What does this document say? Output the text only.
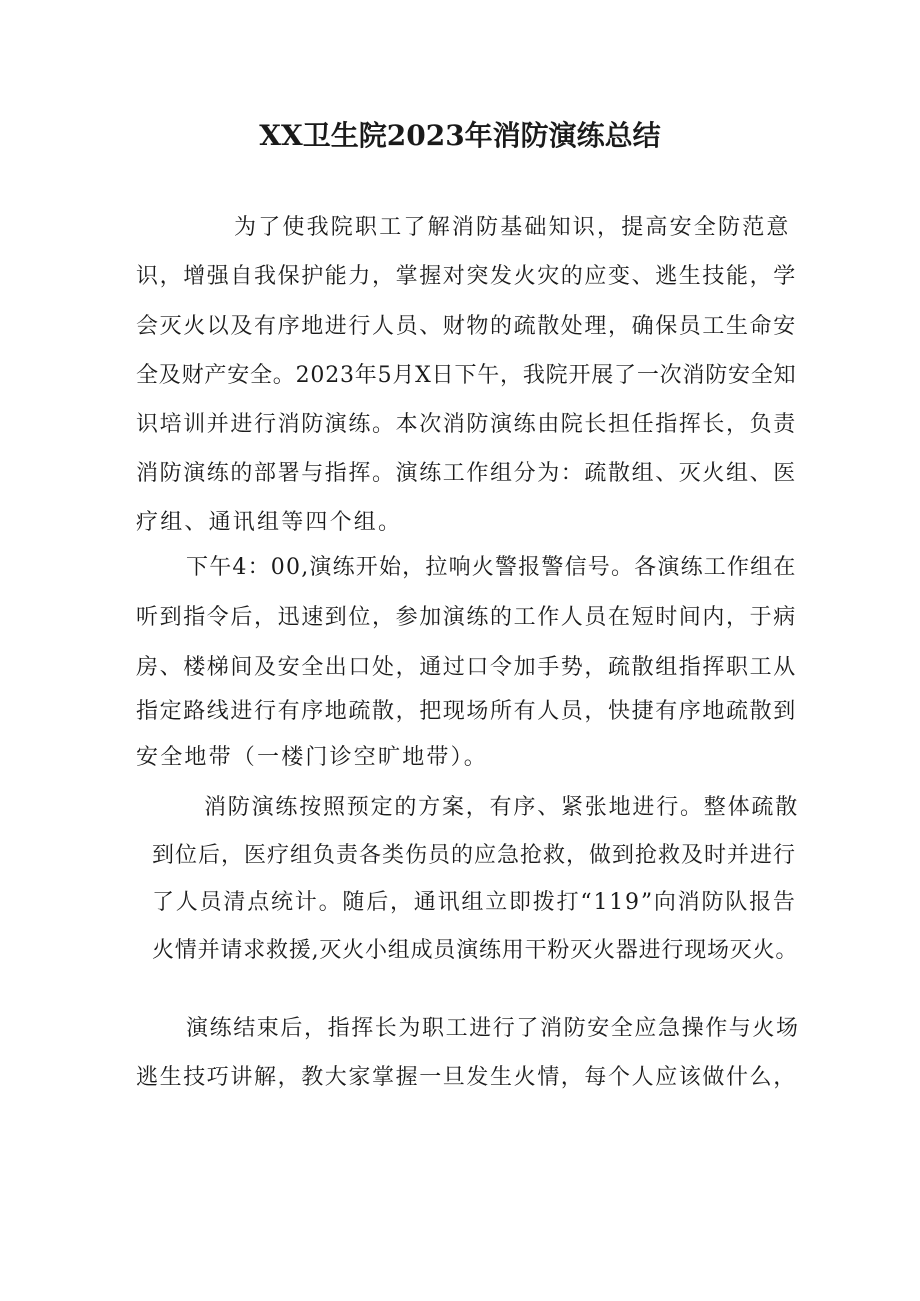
XX卫生院2023年消防演练总结
为了使我院职工了解消防基础知识，提高安全防范意
识，增强自我保护能力，掌握对突发火灾的应变、逃生技能，学
会灭火以及有序地进行人员、财物的疏散处理，确保员工生命安
全及财产安全。2023年5月X日下午，我院开展了一次消防安全知
识培训并进行消防演练。本次消防演练由院长担任指挥长，负责
消防演练的部署与指挥。演练工作组分为：疏散组、灭火组、医
疗组、通讯组等四个组。
下午4：00,演练开始，拉响火警报警信号。各演练工作组在
听到指令后，迅速到位，参加演练的工作人员在短时间内，于病
房、楼梯间及安全出口处，通过口令加手势，疏散组指挥职工从
指定路线进行有序地疏散，把现场所有人员，快捷有序地疏散到
安全地带（一楼门诊空旷地带）。
消防演练按照预定的方案，有序、紧张地进行。整体疏散
到位后，医疗组负责各类伤员的应急抢救，做到抢救及时并进行
了人员清点统计。随后，通讯组立即拨打“119”向消防队报告
火情并请求救援,灭火小组成员演练用干粉灭火器进行现场灭火。
演练结束后，指挥长为职工进行了消防安全应急操作与火场
逃生技巧讲解，教大家掌握一旦发生火情，每个人应该做什么，
